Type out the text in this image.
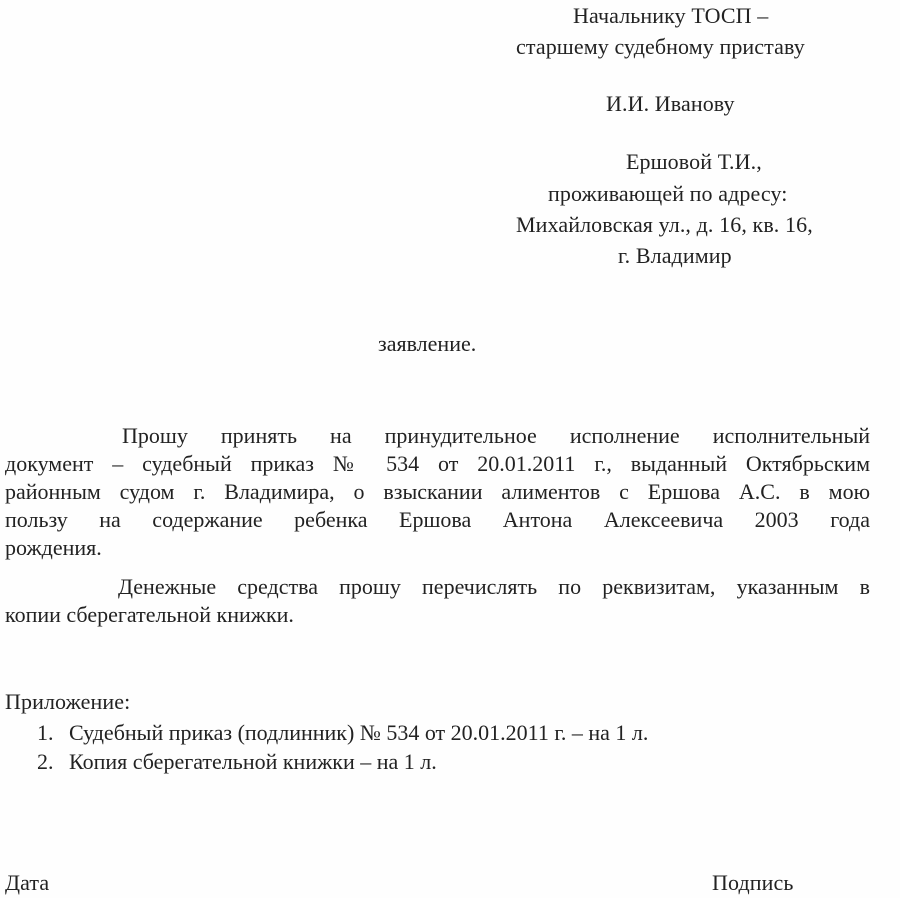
Начальнику ТОСП –
старшему судебному приставу
И.И. Иванову
Ершовой Т.И.,
проживающей по адресу:
Михайловская ул., д. 16, кв. 16,
г. Владимир
заявление.
Прошу принять на принудительное исполнение исполнительный
документ – судебный приказ № 534 от 20.01.2011 г., выданный Октябрьским
районным судом г. Владимира, о взыскании алиментов с Ершова А.С. в мою
пользу на содержание ребенка Ершова Антона Алексеевича 2003 года
рождения.
Денежные средства прошу перечислять по реквизитам, указанным в
копии сберегательной книжки.
Приложение:
1. Судебный приказ (подлинник) № 534 от 20.01.2011 г. – на 1 л.
2. Копия сберегательной книжки – на 1 л.
Дата	Подпись
